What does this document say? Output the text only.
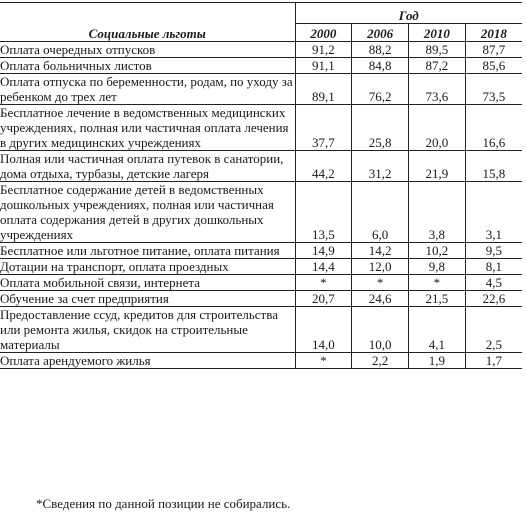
Социальные льготы	Год			
	2000	2006	2010	2018
Оплата очередных отпусков	91,2	88,2	89,5	87,7
Оплата больничных листов	91,1	84,8	87,2	85,6
Оплата отпуска по беременности, родам, по уходу за ребенком до трех лет	89,1	76,2	73,6	73,5
Бесплатное лечение в ведомственных медицинских учреждениях, полная или частичная оплата лечения в других медицинских учреждениях	37,7	25,8	20,0	16,6
Полная или частичная оплата путевок в санатории, дома отдыха, турбазы, детские лагеря	44,2	31,2	21,9	15,8
Бесплатное содержание детей в ведомственных дошкольных учреждениях, полная или частичная оплата содержания детей в других дошкольных учреждениях	13,5	6,0	3,8	3,1
Бесплатное или льготное питание, оплата питания	14,9	14,2	10,2	9,5
Дотации на транспорт, оплата проездных	14,4	12,0	9,8	8,1
Оплата мобильной связи, интернета	*	*	*	4,5
Обучение за счет предприятия	20,7	24,6	21,5	22,6
Предоставление ссуд, кредитов для строительства или ремонта жилья, скидок на строительные материалы	14,0	10,0	4,1	2,5
Оплата арендуемого жилья	*	2,2	1,9	1,7
*Сведения по данной позиции не собирались.
